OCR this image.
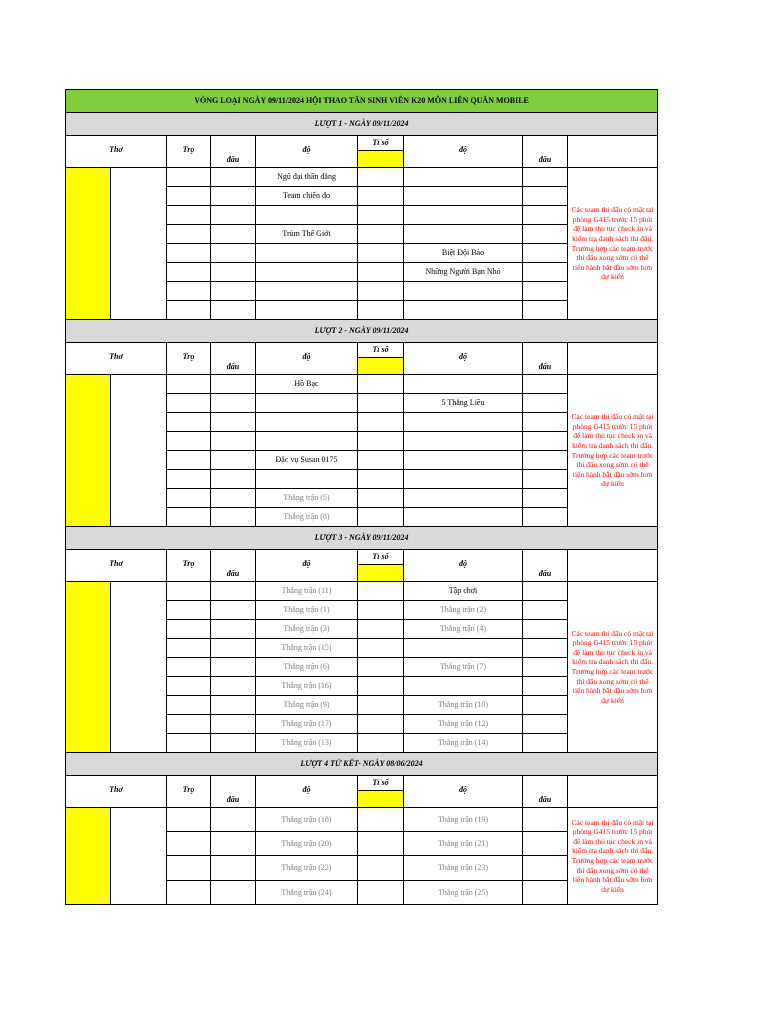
VÒNG LOẠI NGÀY 09/11/2024 HỘI THAO TÂN SINH VIÊN K20 MÔN LIÊN QUÂN MOBILE								
LƯỢT 1 - NGÀY 09/11/2024								
Thơ		Trọ	đấu	độ	Tỉ số	độ	đấu	
				Ngũ đại thần đằng				Các team thi đấu có mặt tại phòng G415 trước 15 phút để làm thủ tục check in và kiểm tra danh sách thi đấu. Trường hợp các team trước thi đấu xong sớm có thể tiến hành bắt đầu sớm hơn dự kiến

				Team chiến đo				

				Trùm Thế Giới				
						Biệt Đội Bảo		
						Những Người Bạn Nhỏ		

LƯỢT 2 - NGÀY 09/11/2024								
Thơ		Trọ	đấu	độ	Tỉ số	độ	đấu	
				Hồ Bạc				Các team thi đấu có mặt tại phòng G415 trước 15 phút để làm thủ tục check in và kiểm tra danh sách thi đấu. Trường hợp các team trước thi đấu xong sớm có thể tiến hành bắt đầu sớm hơn dự kiến

						5 Thằng Liều		

				Đặc vụ Susan 0175				

				Thắng trận (5)				
				Thắng trận (8)				
LƯỢT 3 - NGÀY 09/11/2024								
Thơ		Trọ	đấu	độ	Tỉ số	độ	đấu	
				Thắng trận (11)		Tập chơi		Các team thi đấu có mặt tại phòng G415 trước 15 phút để làm thủ tục check in và kiểm tra danh sách thi đấu. Trường hợp các team trước thi đấu xong sớm có thể tiến hành bắt đầu sớm hơn dự kiến

				Thắng trận (1)		Thắng trận (2)		
				Thắng trận (3)		Thắng trận (4)		
				Thắng trận (15)				
				Thắng trận (6)		Thắng trận (7)		
				Thắng trận (16)				
				Thắng trận (9)		Thắng trận (10)		
				Thắng trận (17)		Thắng trận (12)		
				Thắng trận (13)		Thắng trận (14)		
LƯỢT 4 TỨ KẾT- NGÀY 08/06/2024								
Thơ		Trọ	đấu	độ	Tỉ số	độ	đấu	
				Thắng trận (18)		Thắng trận (19)		Các team thi đấu có mặt tại phòng G415 trước 15 phút để làm thủ tục check in và kiểm tra danh sách thi đấu. Trường hợp các team trước thi đấu xong sớm có thể tiến hành bắt đầu sớm hơn dự kiến

				Thắng trận (20)		Thắng trận (21)		
				Thắng trận (22)		Thắng trận (23)		
				Thắng trận (24)		Thắng trận (25)		
